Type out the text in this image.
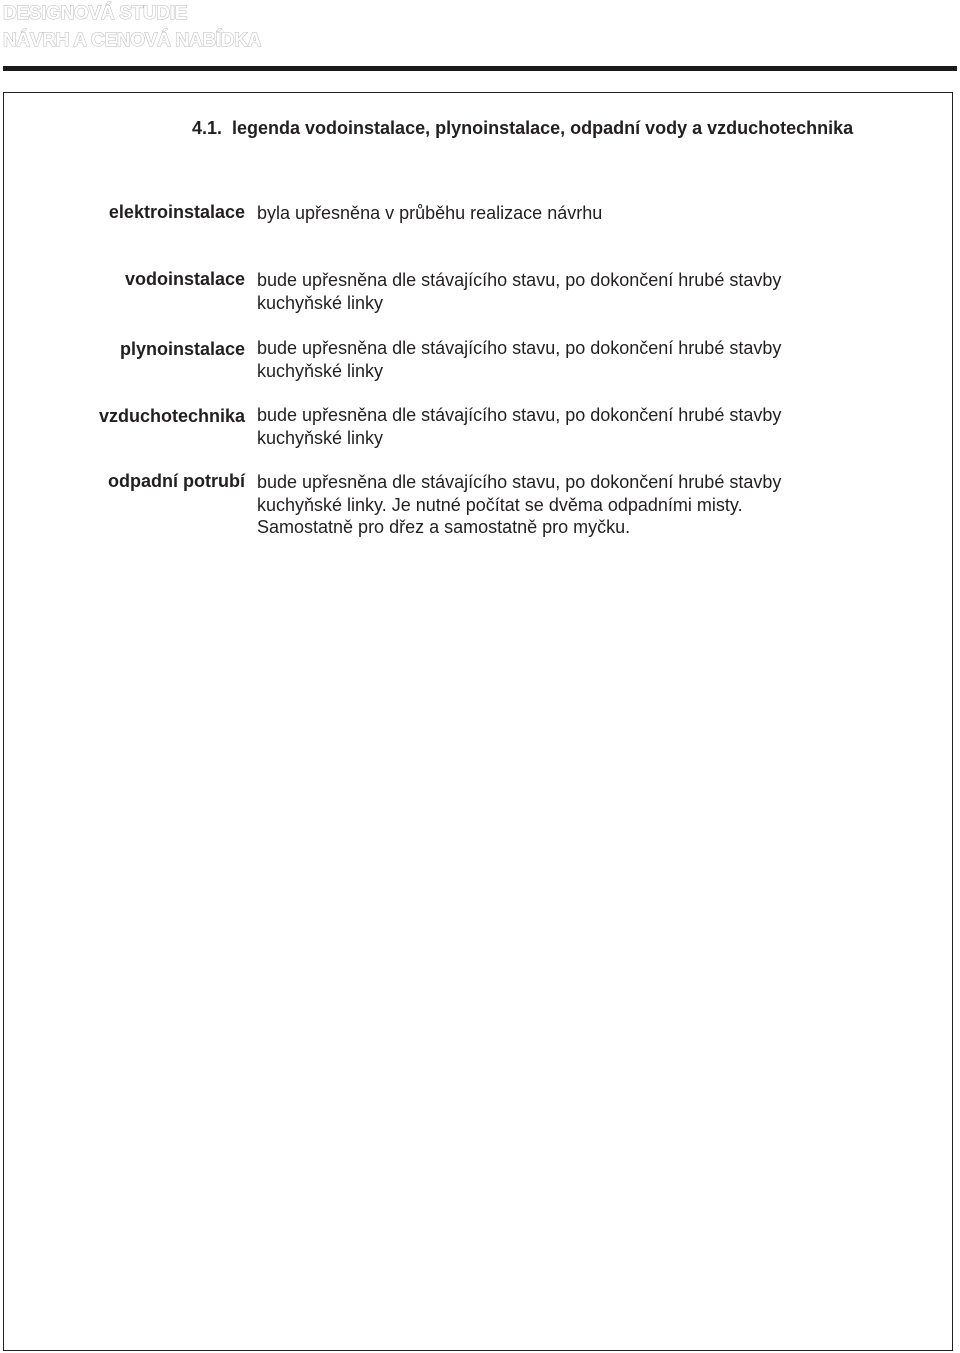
DESIGNOVÁ STUDIE
NÁVRH A CENOVÁ NABÍDKA
4.1. legenda vodoinstalace, plynoinstalace, odpadní vody a vzduchotechnika
elektroinstalace byla upřesněna v průběhu realizace návrhu
vodoinstalace bude upřesněna dle stávajícího stavu, po dokončení hrubé stavby
kuchyňské linky
plynoinstalace bude upřesněna dle stávajícího stavu, po dokončení hrubé stavby
kuchyňské linky
vzduchotechnika bude upřesněna dle stávajícího stavu, po dokončení hrubé stavby
kuchyňské linky
odpadní potrubí bude upřesněna dle stávajícího stavu, po dokončení hrubé stavby
kuchyňské linky. Je nutné počítat se dvěma odpadními misty.
Samostatně pro dřez a samostatně pro myčku.
